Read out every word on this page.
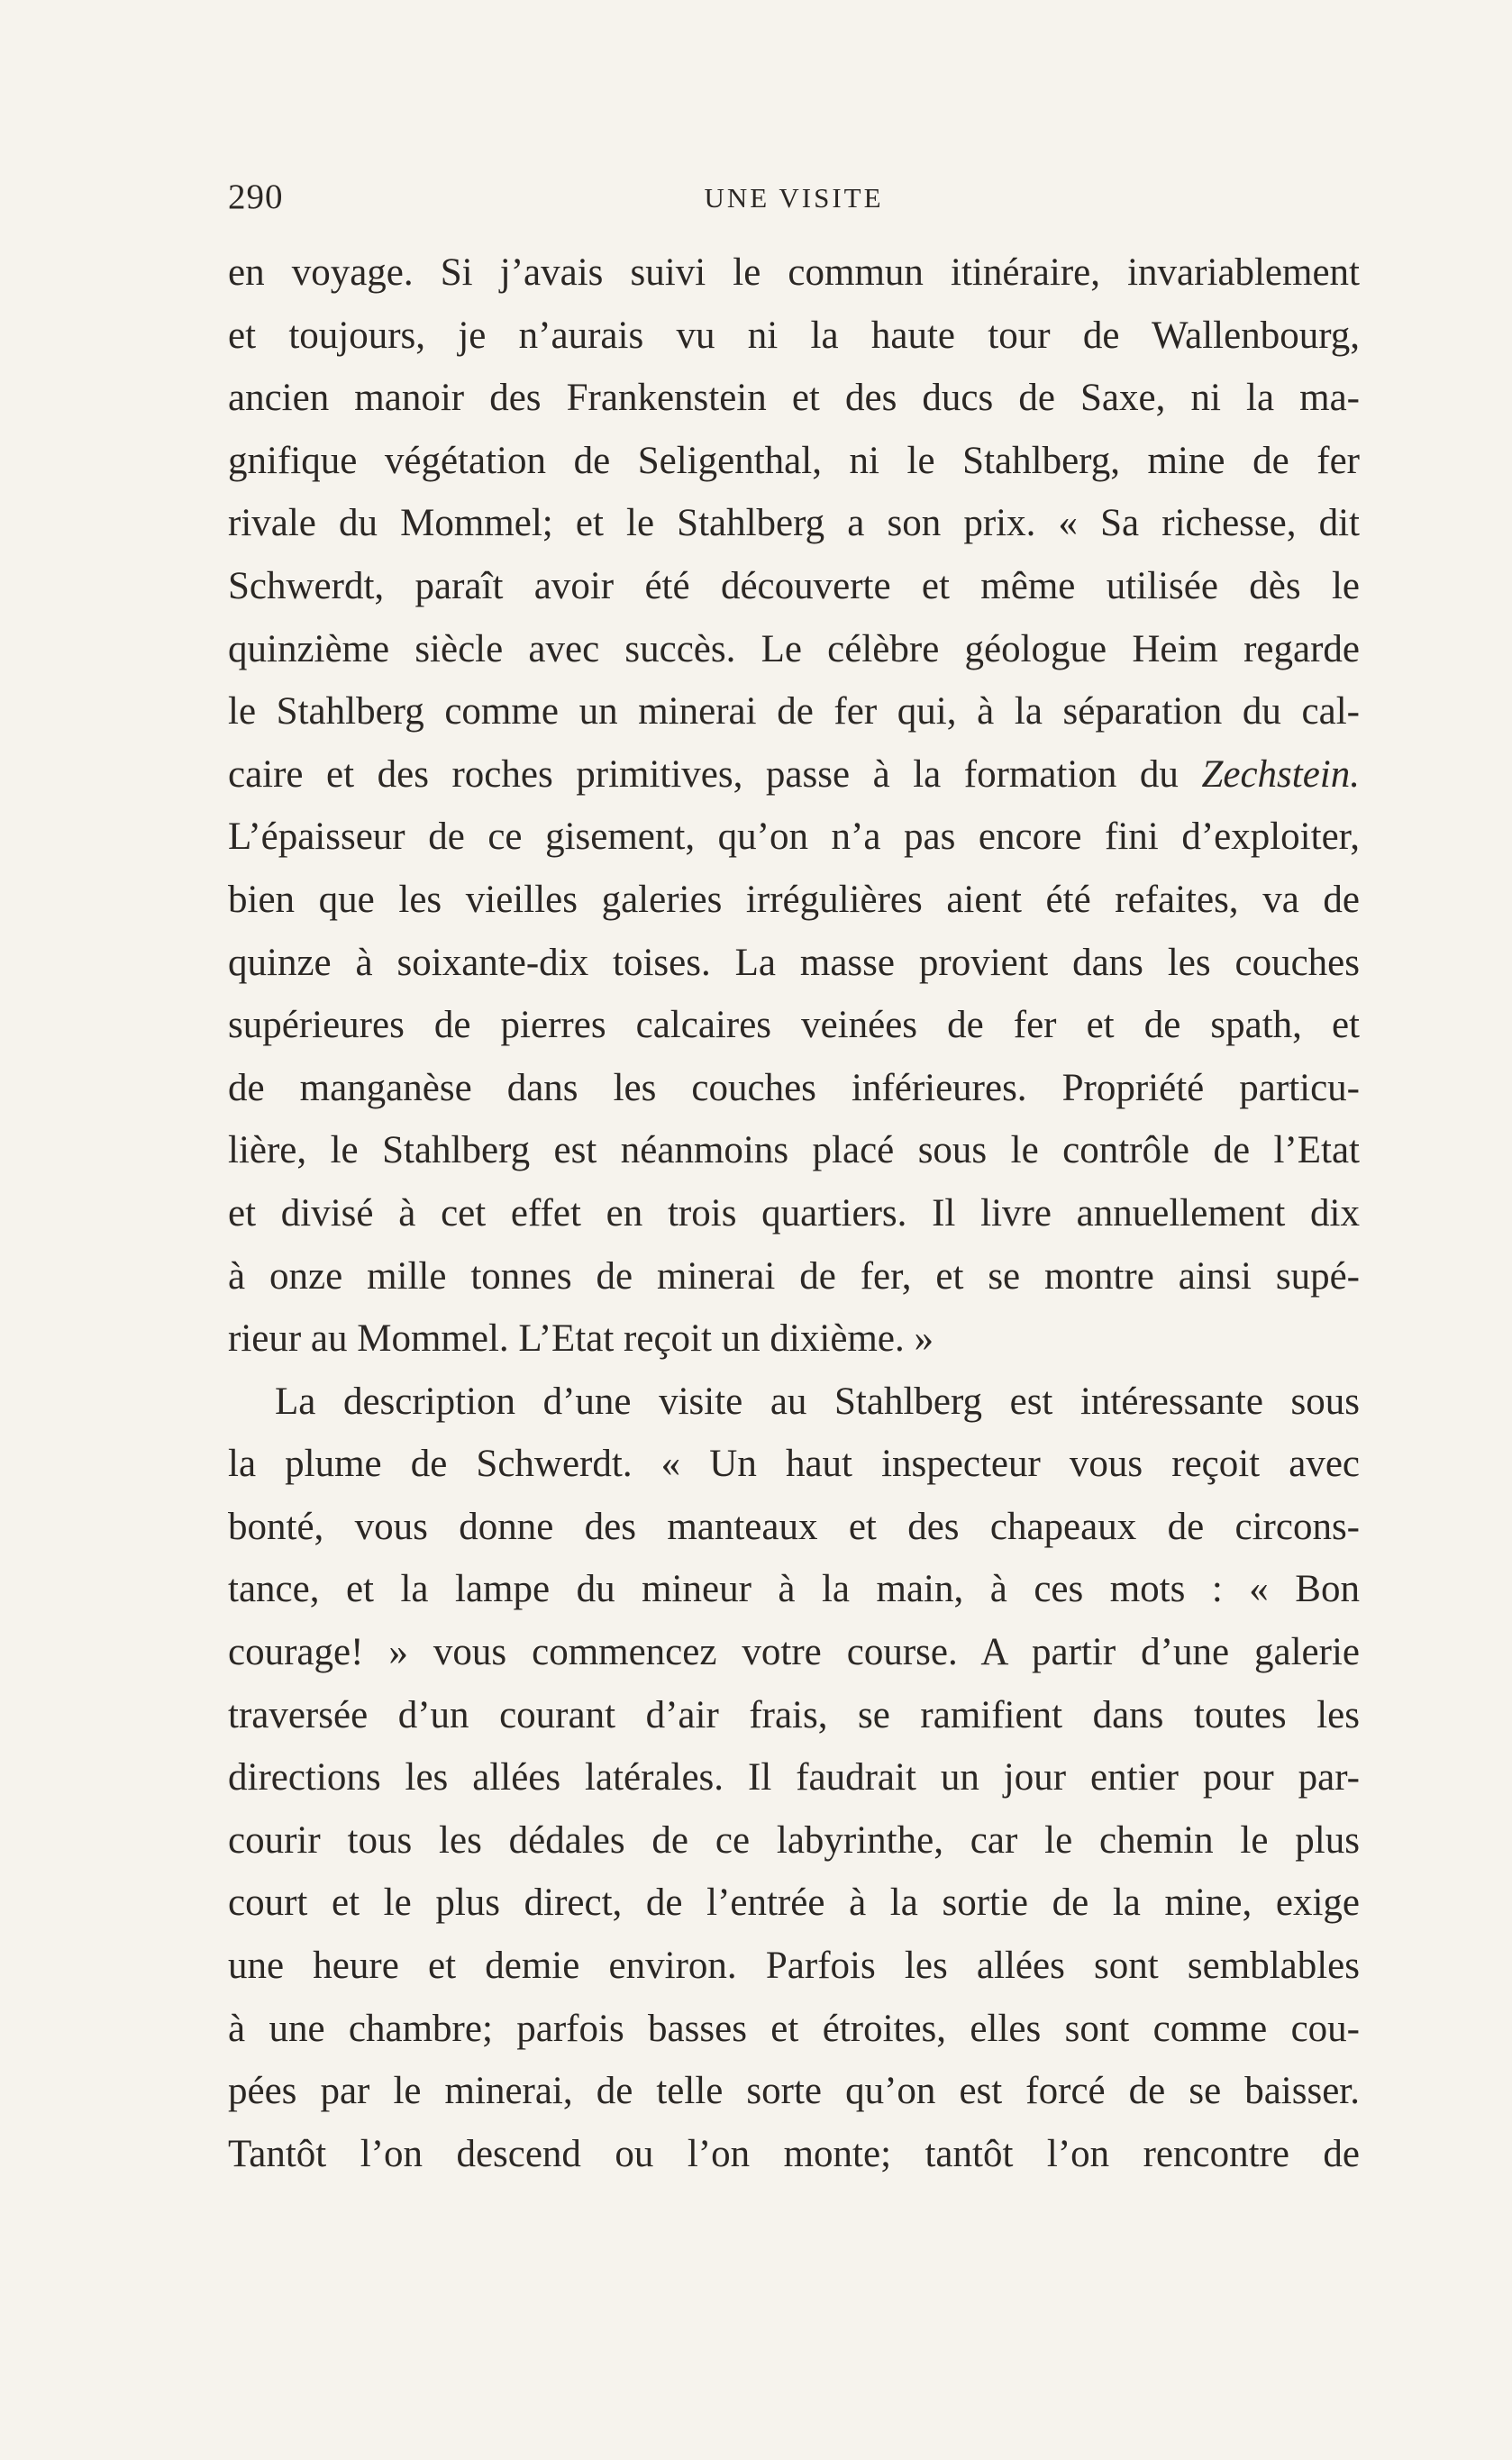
290	UNE VISITE
en voyage. Si j’avais suivi le commun itinéraire, invariablement
et toujours, je n’aurais vu ni la haute tour de Wallenbourg,
ancien manoir des Frankenstein et des ducs de Saxe, ni la ma-
gnifique végétation de Seligenthal, ni le Stahlberg, mine de fer
rivale du Mommel; et le Stahlberg a son prix. « Sa richesse, dit
Schwerdt, paraît avoir été découverte et même utilisée dès le
quinzième siècle avec succès. Le célèbre géologue Heim regarde
le Stahlberg comme un minerai de fer qui, à la séparation du cal-
caire et des roches primitives, passe à la formation du Zechstein.
L’épaisseur de ce gisement, qu’on n’a pas encore fini d’exploiter,
bien que les vieilles galeries irrégulières aient été refaites, va de
quinze à soixante-dix toises. La masse provient dans les couches
supérieures de pierres calcaires veinées de fer et de spath, et
de manganèse dans les couches inférieures. Propriété particu-
lière, le Stahlberg est néanmoins placé sous le contrôle de l’Etat
et divisé à cet effet en trois quartiers. Il livre annuellement dix
à onze mille tonnes de minerai de fer, et se montre ainsi supé-
rieur au Mommel. L’Etat reçoit un dixième. »
La description d’une visite au Stahlberg est intéressante sous
la plume de Schwerdt. « Un haut inspecteur vous reçoit avec
bonté, vous donne des manteaux et des chapeaux de circons-
tance, et la lampe du mineur à la main, à ces mots : « Bon
courage! » vous commencez votre course. A partir d’une galerie
traversée d’un courant d’air frais, se ramifient dans toutes les
directions les allées latérales. Il faudrait un jour entier pour par-
courir tous les dédales de ce labyrinthe, car le chemin le plus
court et le plus direct, de l’entrée à la sortie de la mine, exige
une heure et demie environ. Parfois les allées sont semblables
à une chambre; parfois basses et étroites, elles sont comme cou-
pées par le minerai, de telle sorte qu’on est forcé de se baisser.
Tantôt l’on descend ou l’on monte; tantôt l’on rencontre de
